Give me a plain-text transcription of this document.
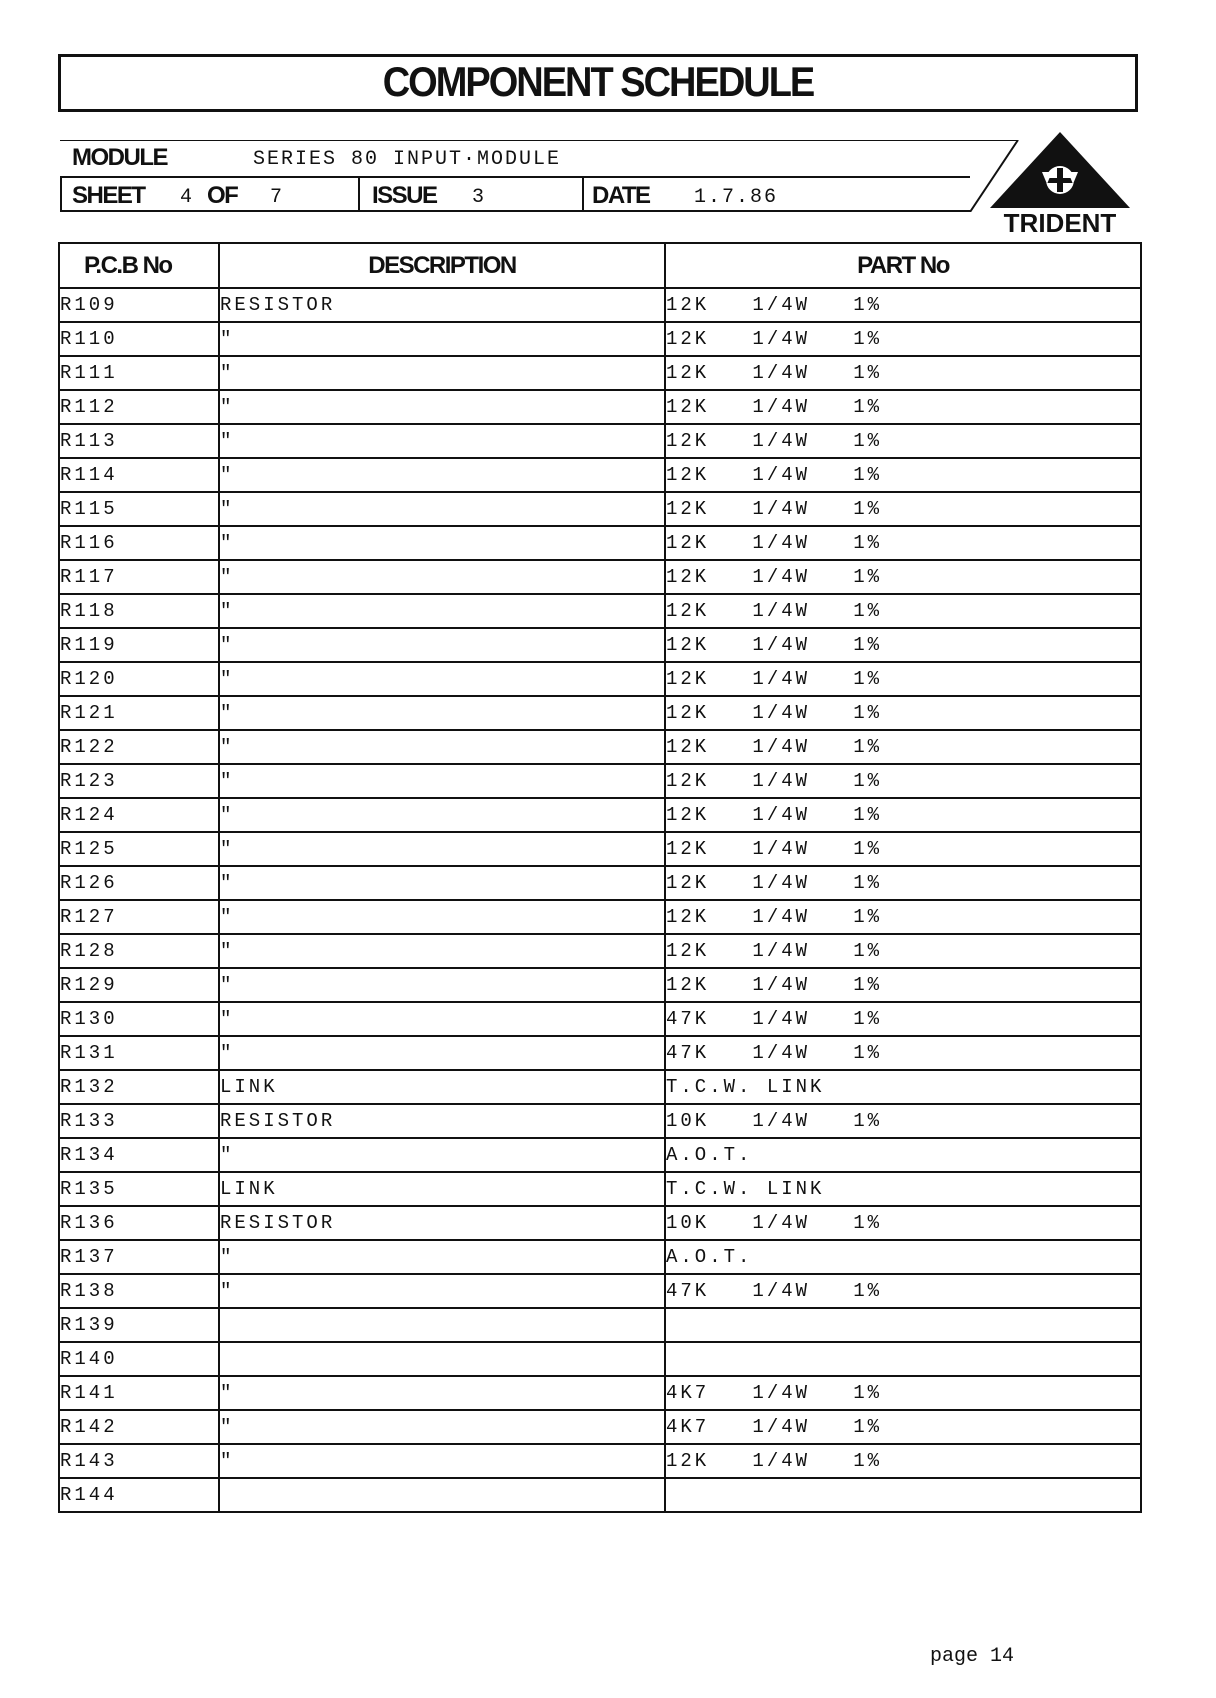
COMPONENT SCHEDULE
MODULE	SERIES 80 INPUT·MODULE
SHEET 4 OF 7	ISSUE 3	DATE 1.7.86
TRIDENT
P.C.B No	DESCRIPTION	PART No
R109	RESISTOR	12K   1/4W   1%
R110	"	12K   1/4W   1%
R111	"	12K   1/4W   1%
R112	"	12K   1/4W   1%
R113	"	12K   1/4W   1%
R114	"	12K   1/4W   1%
R115	"	12K   1/4W   1%
R116	"	12K   1/4W   1%
R117	"	12K   1/4W   1%
R118	"	12K   1/4W   1%
R119	"	12K   1/4W   1%
R120	"	12K   1/4W   1%
R121	"	12K   1/4W   1%
R122	"	12K   1/4W   1%
R123	"	12K   1/4W   1%
R124	"	12K   1/4W   1%
R125	"	12K   1/4W   1%
R126	"	12K   1/4W   1%
R127	"	12K   1/4W   1%
R128	"	12K   1/4W   1%
R129	"	12K   1/4W   1%
R130	"	47K   1/4W   1%
R131	"	47K   1/4W   1%
R132	LINK	T.C.W. LINK
R133	RESISTOR	10K   1/4W   1%
R134	"	A.O.T.
R135	LINK	T.C.W. LINK
R136	RESISTOR	10K   1/4W   1%
R137	"	A.O.T.
R138	"	47K   1/4W   1%
R139		
R140		
R141	"	4K7   1/4W   1%
R142	"	4K7   1/4W   1%
R143	"	12K   1/4W   1%
R144		
page 14
